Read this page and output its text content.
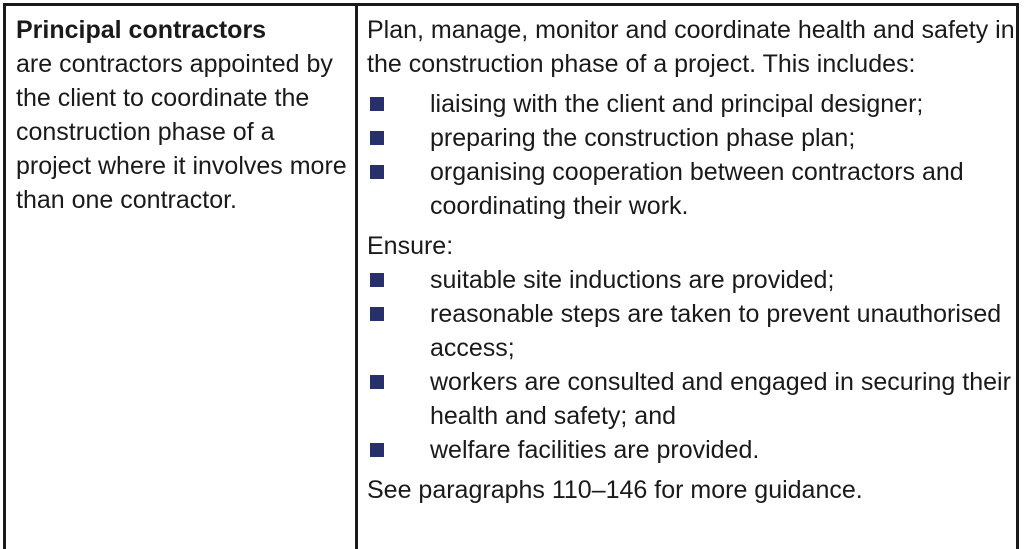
Principal contractors
are contractors appointed by the client to coordinate the construction phase of a project where it involves more than one contractor.

Plan, manage, monitor and coordinate health and safety in the construction phase of a project. This includes:

liaising with the client and principal designer;
preparing the construction phase plan;
organising cooperation between contractors and coordinating their work.

Ensure:

suitable site inductions are provided;
reasonable steps are taken to prevent unauthorised access;
workers are consulted and engaged in securing their health and safety; and
welfare facilities are provided.

See paragraphs 110–146 for more guidance.
